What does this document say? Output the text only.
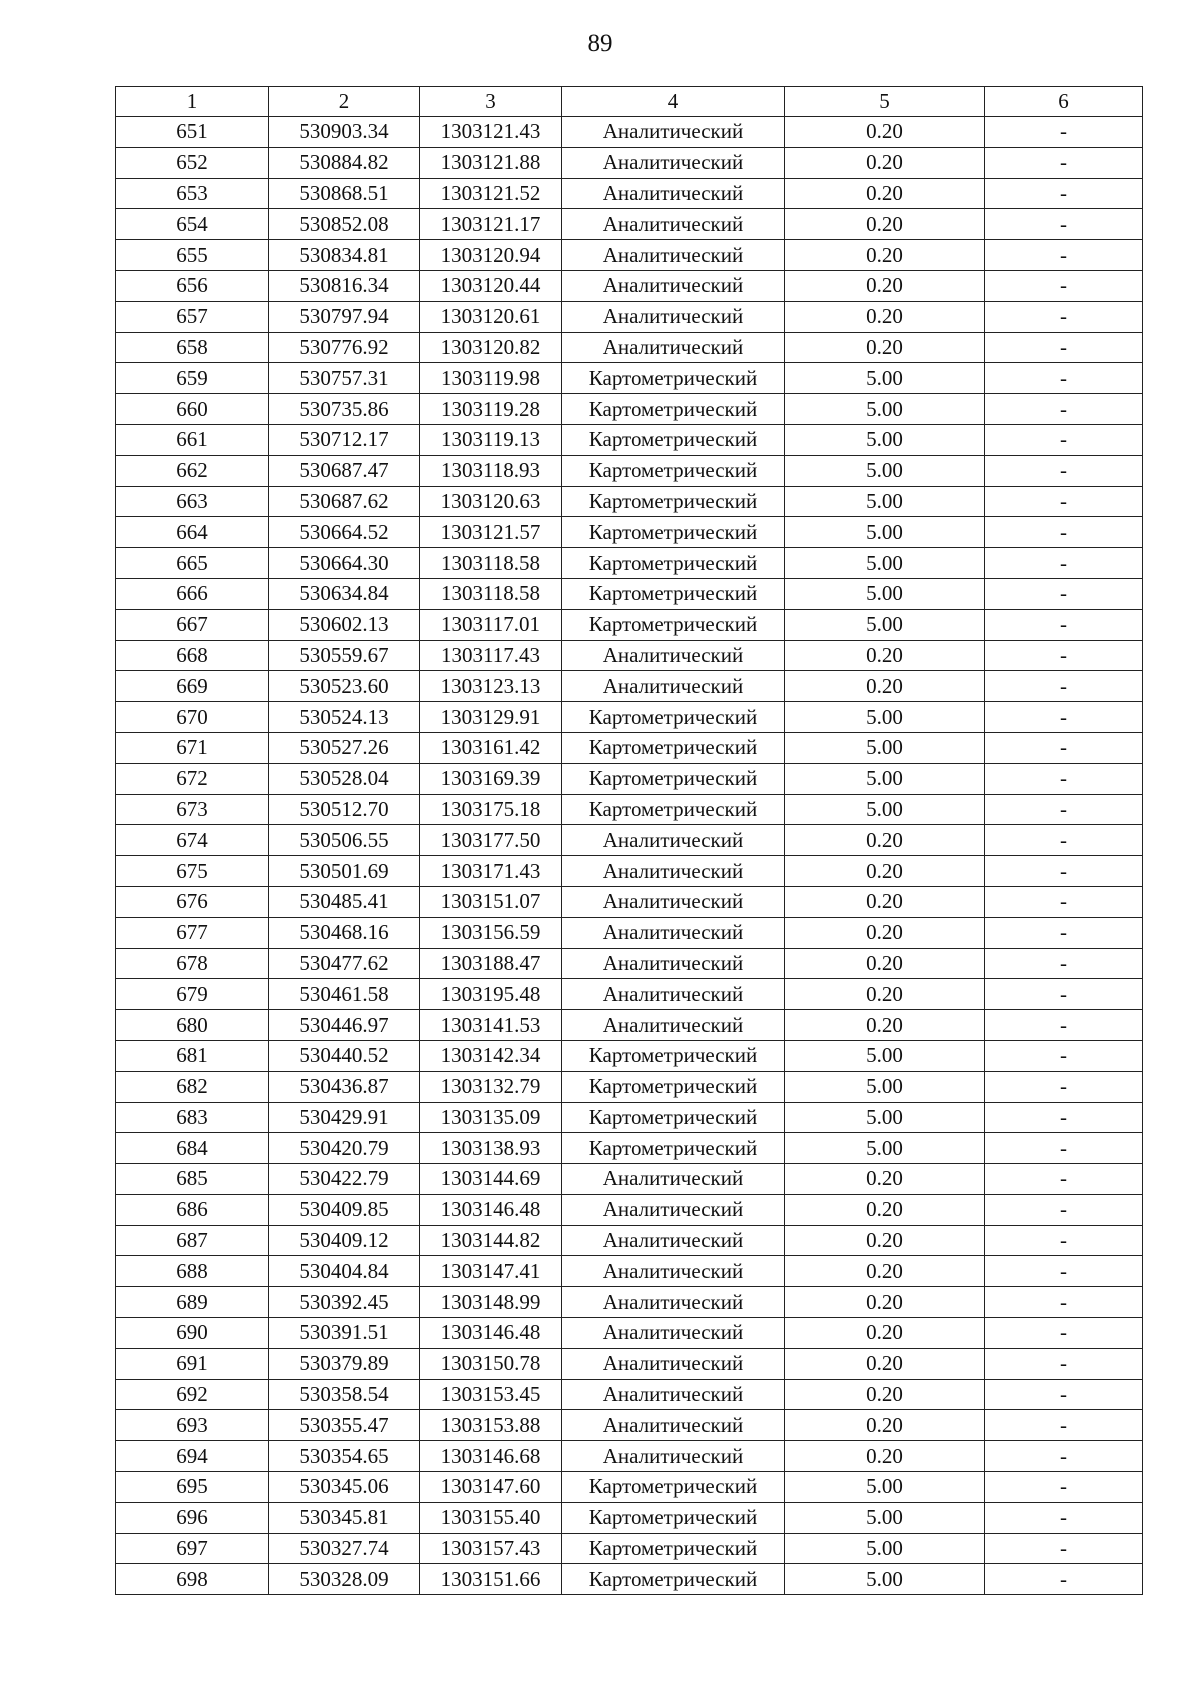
89
1	2	3	4	5	6
651	530903.34	1303121.43	Аналитический	0.20	-
652	530884.82	1303121.88	Аналитический	0.20	-
653	530868.51	1303121.52	Аналитический	0.20	-
654	530852.08	1303121.17	Аналитический	0.20	-
655	530834.81	1303120.94	Аналитический	0.20	-
656	530816.34	1303120.44	Аналитический	0.20	-
657	530797.94	1303120.61	Аналитический	0.20	-
658	530776.92	1303120.82	Аналитический	0.20	-
659	530757.31	1303119.98	Картометрический	5.00	-
660	530735.86	1303119.28	Картометрический	5.00	-
661	530712.17	1303119.13	Картометрический	5.00	-
662	530687.47	1303118.93	Картометрический	5.00	-
663	530687.62	1303120.63	Картометрический	5.00	-
664	530664.52	1303121.57	Картометрический	5.00	-
665	530664.30	1303118.58	Картометрический	5.00	-
666	530634.84	1303118.58	Картометрический	5.00	-
667	530602.13	1303117.01	Картометрический	5.00	-
668	530559.67	1303117.43	Аналитический	0.20	-
669	530523.60	1303123.13	Аналитический	0.20	-
670	530524.13	1303129.91	Картометрический	5.00	-
671	530527.26	1303161.42	Картометрический	5.00	-
672	530528.04	1303169.39	Картометрический	5.00	-
673	530512.70	1303175.18	Картометрический	5.00	-
674	530506.55	1303177.50	Аналитический	0.20	-
675	530501.69	1303171.43	Аналитический	0.20	-
676	530485.41	1303151.07	Аналитический	0.20	-
677	530468.16	1303156.59	Аналитический	0.20	-
678	530477.62	1303188.47	Аналитический	0.20	-
679	530461.58	1303195.48	Аналитический	0.20	-
680	530446.97	1303141.53	Аналитический	0.20	-
681	530440.52	1303142.34	Картометрический	5.00	-
682	530436.87	1303132.79	Картометрический	5.00	-
683	530429.91	1303135.09	Картометрический	5.00	-
684	530420.79	1303138.93	Картометрический	5.00	-
685	530422.79	1303144.69	Аналитический	0.20	-
686	530409.85	1303146.48	Аналитический	0.20	-
687	530409.12	1303144.82	Аналитический	0.20	-
688	530404.84	1303147.41	Аналитический	0.20	-
689	530392.45	1303148.99	Аналитический	0.20	-
690	530391.51	1303146.48	Аналитический	0.20	-
691	530379.89	1303150.78	Аналитический	0.20	-
692	530358.54	1303153.45	Аналитический	0.20	-
693	530355.47	1303153.88	Аналитический	0.20	-
694	530354.65	1303146.68	Аналитический	0.20	-
695	530345.06	1303147.60	Картометрический	5.00	-
696	530345.81	1303155.40	Картометрический	5.00	-
697	530327.74	1303157.43	Картометрический	5.00	-
698	530328.09	1303151.66	Картометрический	5.00	-
